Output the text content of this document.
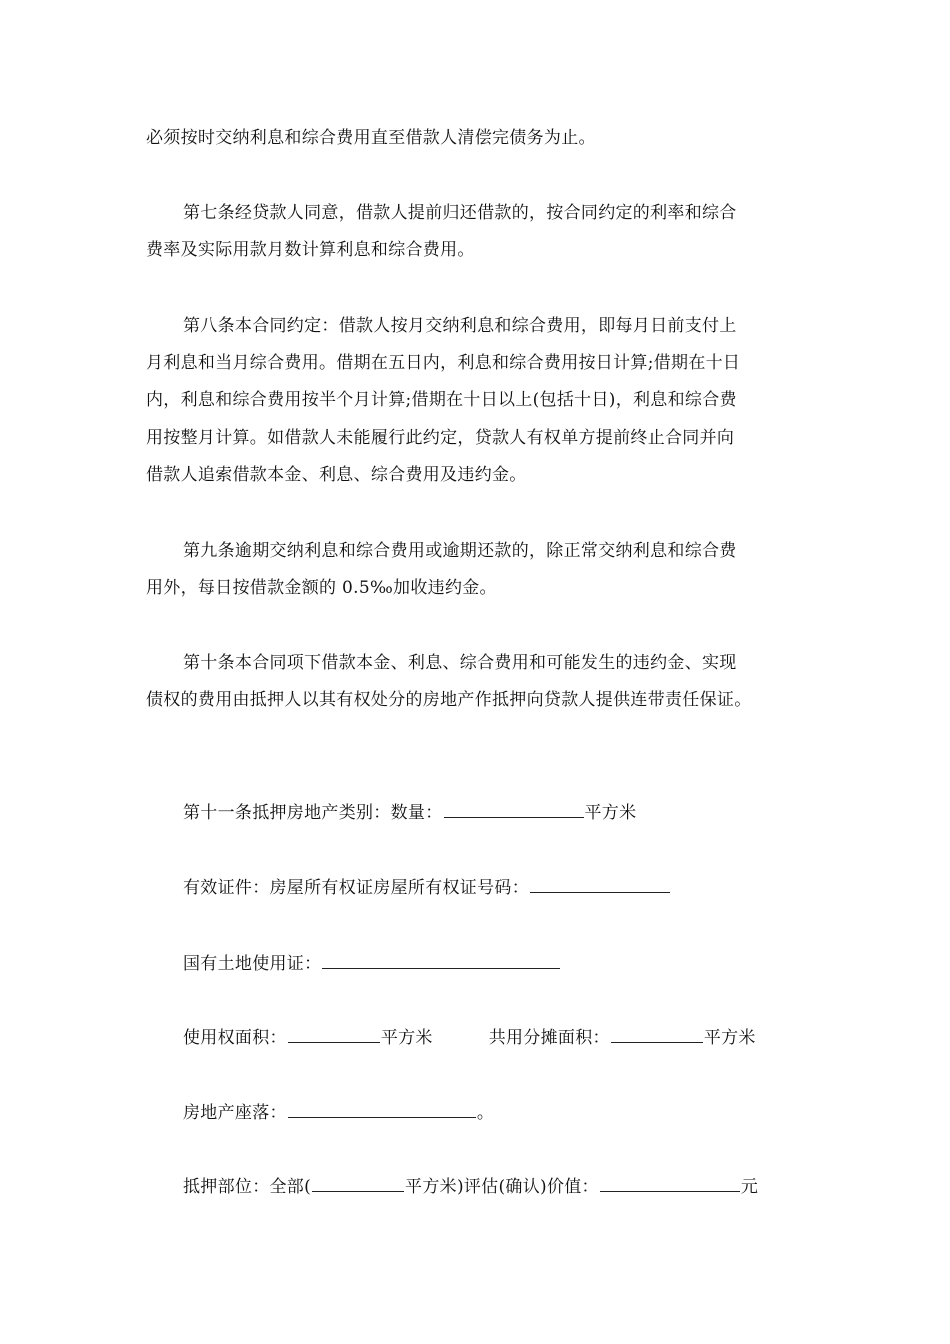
必须按时交纳利息和综合费用直至借款人清偿完债务为止。
第七条经贷款人同意，借款人提前归还借款的，按合同约定的利率和综合
费率及实际用款月数计算利息和综合费用。
第八条本合同约定：借款人按月交纳利息和综合费用，即每月日前支付上
月利息和当月综合费用。借期在五日内，利息和综合费用按日计算;借期在十日
内，利息和综合费用按半个月计算;借期在十日以上(包括十日)，利息和综合费
用按整月计算。如借款人未能履行此约定，贷款人有权单方提前终止合同并向
借款人追索借款本金、利息、综合费用及违约金。
第九条逾期交纳利息和综合费用或逾期还款的，除正常交纳利息和综合费
用外，每日按借款金额的 0.5‰加收违约金。
第十条本合同项下借款本金、利息、综合费用和可能发生的违约金、实现
债权的费用由抵押人以其有权处分的房地产作抵押向贷款人提供连带责任保证。
第十一条抵押房地产类别：数量：	平方米
有效证件：房屋所有权证房屋所有权证号码：
国有土地使用证：
使用权面积：	平方米	共用分摊面积：	平方米
房地产座落：	。
抵押部位：全部(	平方米)评估(确认)价值：	元
